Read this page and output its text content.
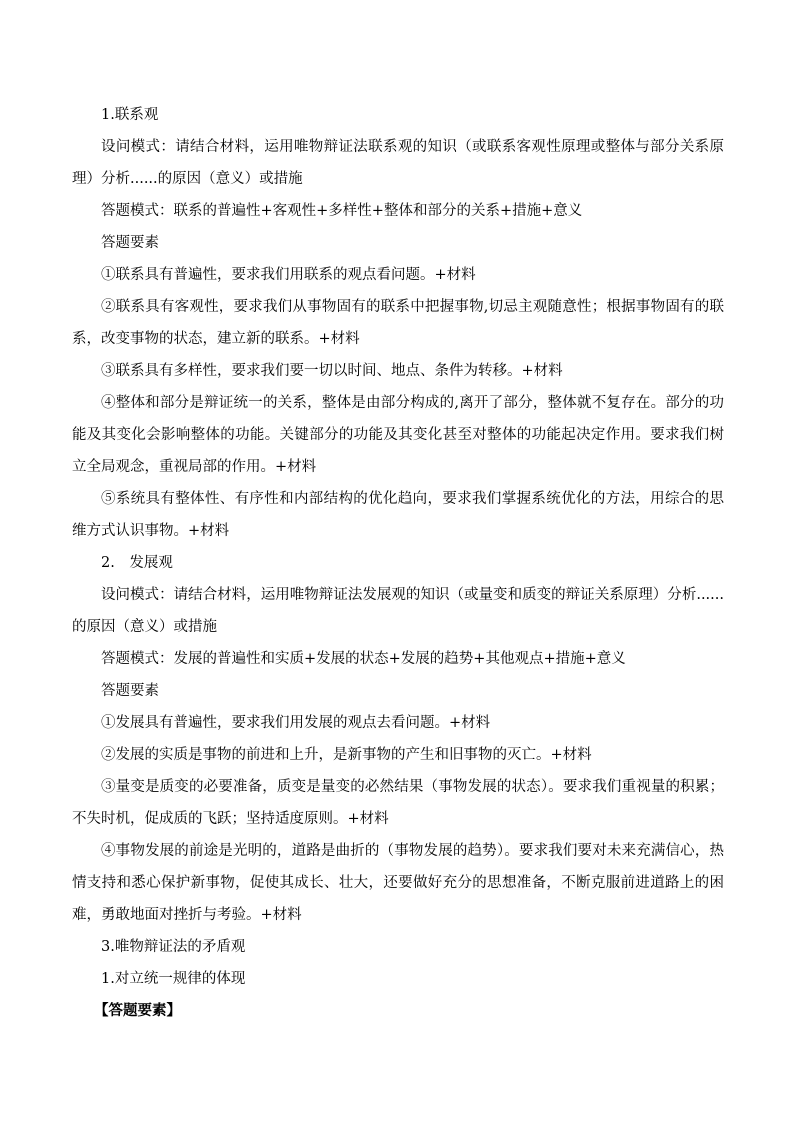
1.联系观

设问模式：请结合材料，运用唯物辩证法联系观的知识（或联系客观性原理或整体与部分关系原理）分析......的原因（意义）或措施

答题模式：联系的普遍性+客观性+多样性+整体和部分的关系+措施+意义

答题要素

①联系具有普遍性，要求我们用联系的观点看问题。+材料

②联系具有客观性，要求我们从事物固有的联系中把握事物,切忌主观随意性；根据事物固有的联系，改变事物的状态，建立新的联系。+材料

③联系具有多样性，要求我们要一切以时间、地点、条件为转移。+材料

④整体和部分是辩证统一的关系，整体是由部分构成的,离开了部分，整体就不复存在。部分的功能及其变化会影响整体的功能。关键部分的功能及其变化甚至对整体的功能起决定作用。要求我们树立全局观念，重视局部的作用。+材料

⑤系统具有整体性、有序性和内部结构的优化趋向，要求我们掌握系统优化的方法，用综合的思维方式认识事物。+材料

2.　发展观

设问模式：请结合材料，运用唯物辩证法发展观的知识（或量变和质变的辩证关系原理）分析......的原因（意义）或措施

答题模式：发展的普遍性和实质+发展的状态+发展的趋势+其他观点+措施+意义

答题要素

①发展具有普遍性，要求我们用发展的观点去看问题。+材料

②发展的实质是事物的前进和上升，是新事物的产生和旧事物的灭亡。+材料

③量变是质变的必要准备，质变是量变的必然结果（事物发展的状态）。要求我们重视量的积累；不失时机，促成质的飞跃；坚持适度原则。+材料

④事物发展的前途是光明的，道路是曲折的（事物发展的趋势）。要求我们要对未来充满信心，热情支持和悉心保护新事物，促使其成长、壮大，还要做好充分的思想准备，不断克服前进道路上的困难，勇敢地面对挫折与考验。+材料

3.唯物辩证法的矛盾观

1.对立统一规律的体现

【答题要素】
